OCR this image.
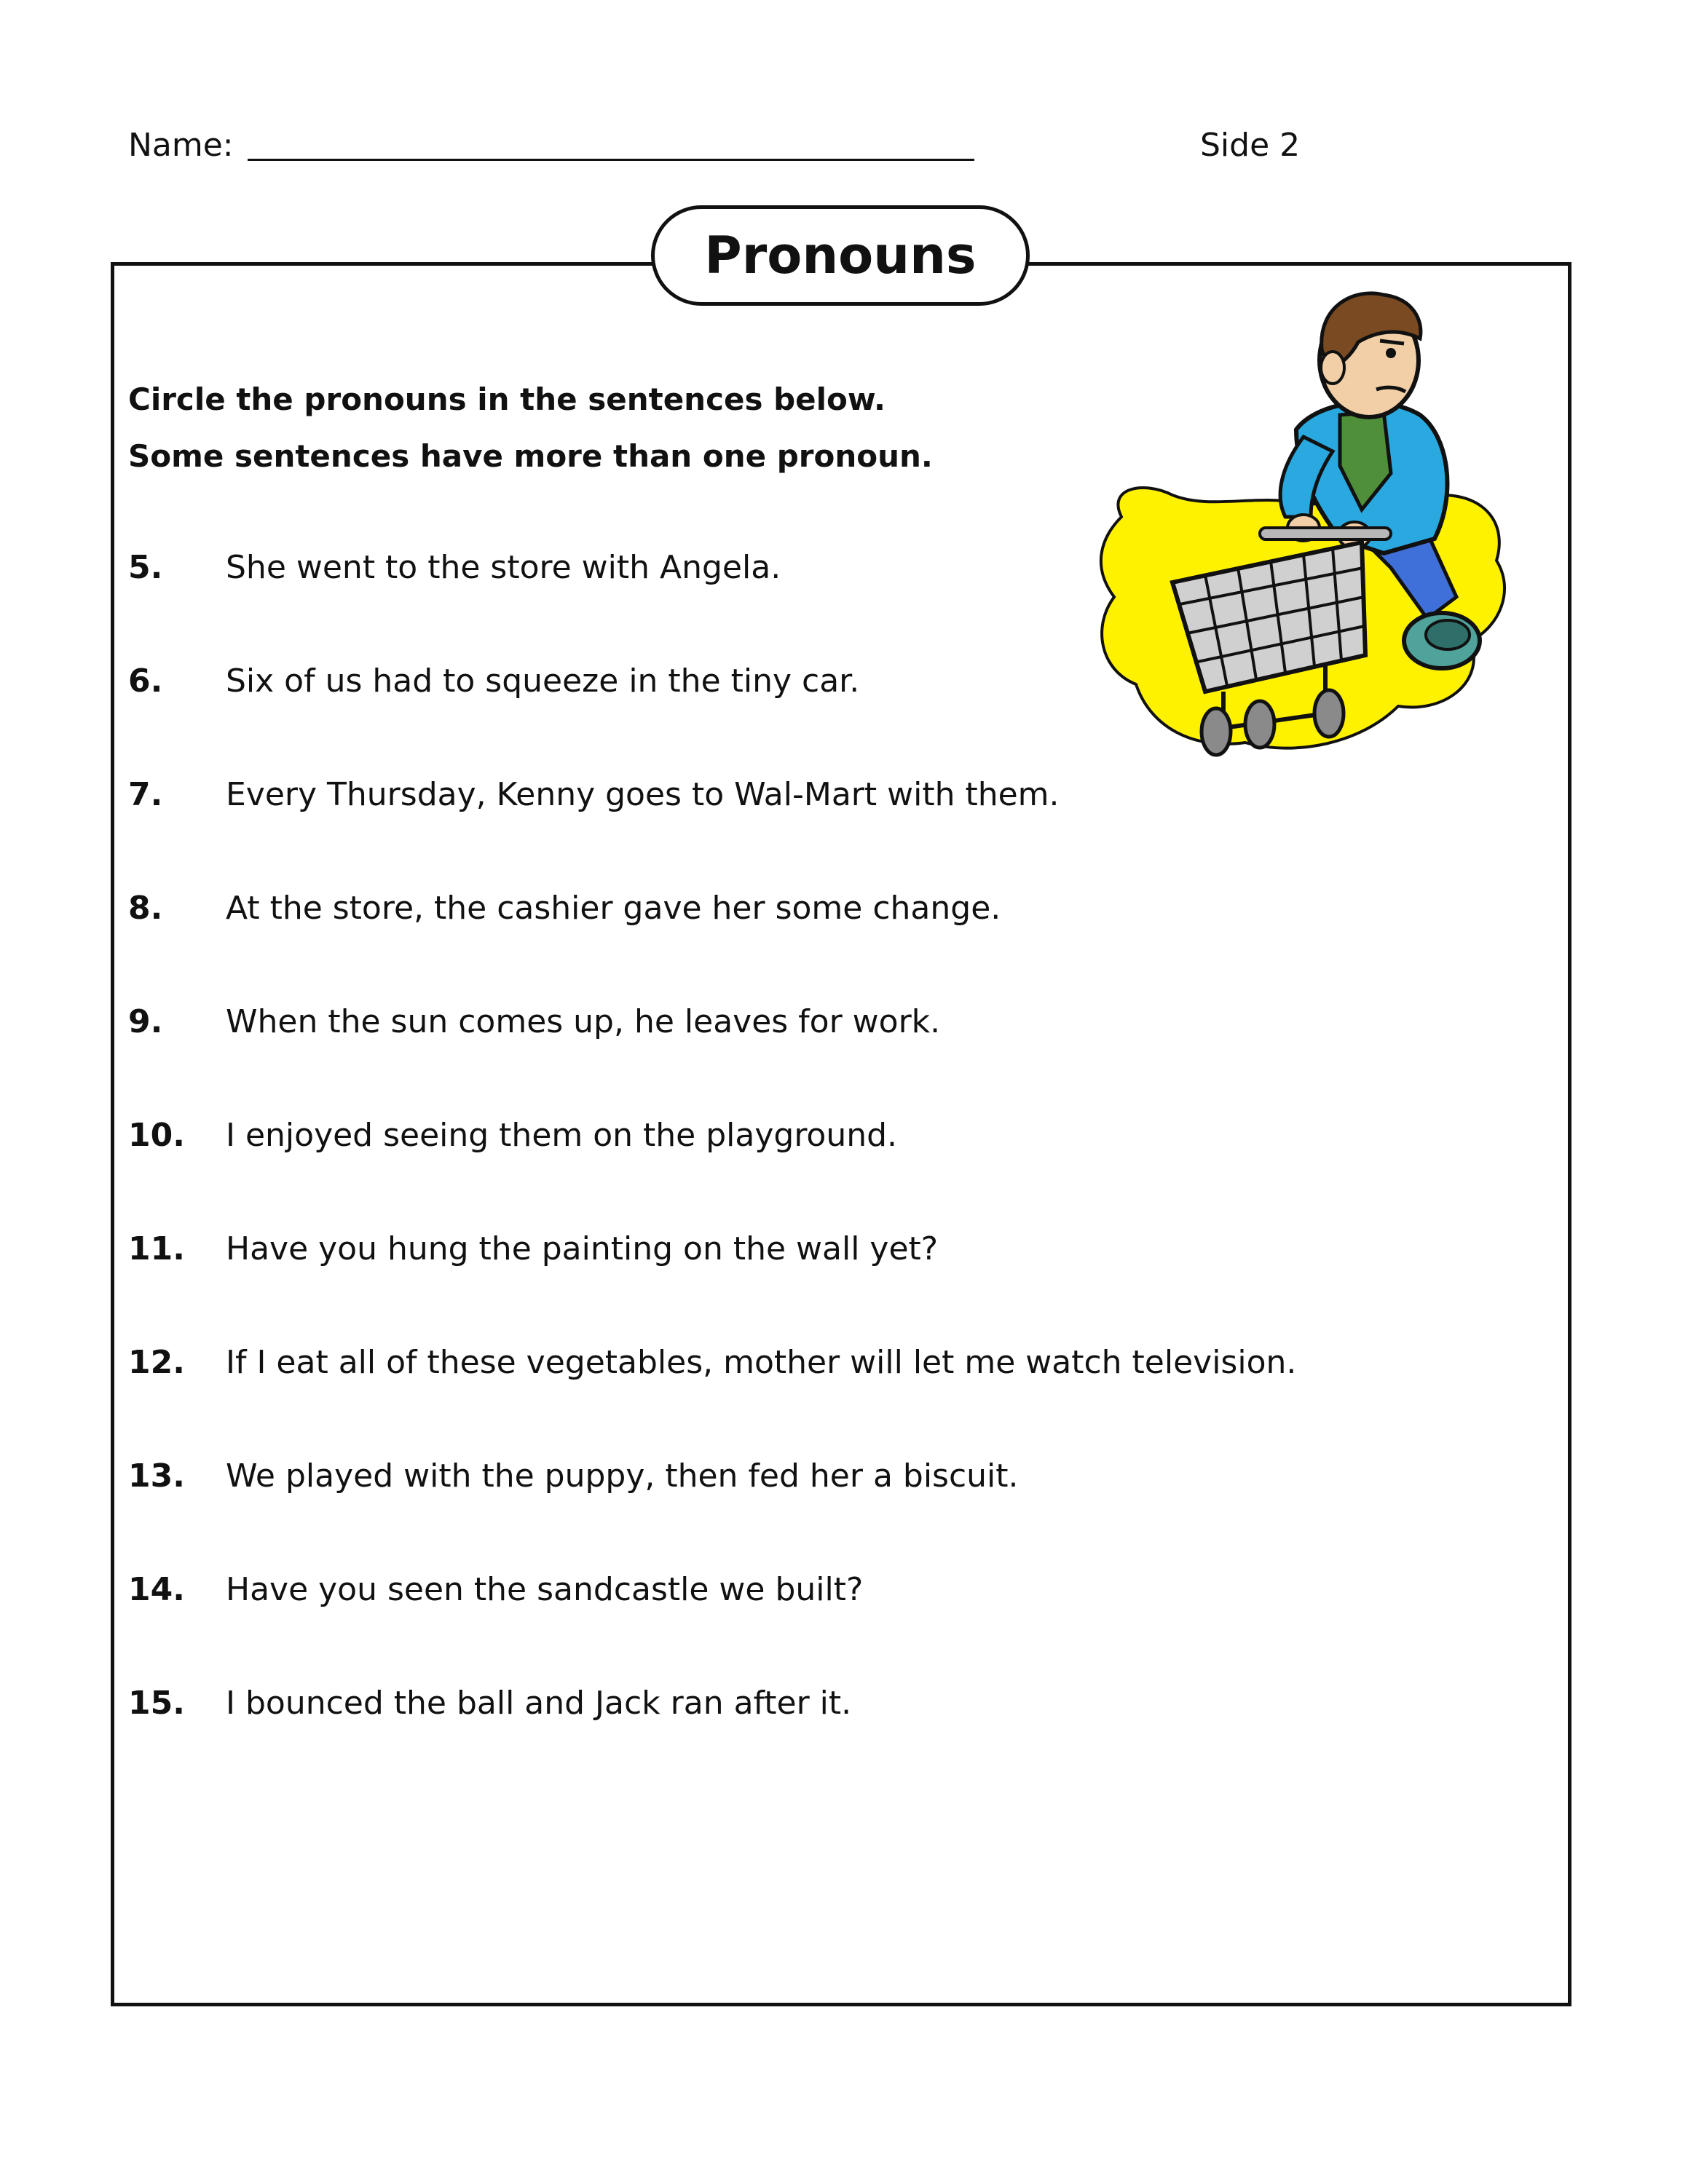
Name:	Side 2
Pronouns
Circle the pronouns in the sentences below.
Some sentences have more than one pronoun.
5. She went to the store with Angela.
6. Six of us had to squeeze in the tiny car.
7. Every Thursday, Kenny goes to Wal-Mart with them.
8. At the store, the cashier gave her some change.
9. When the sun comes up, he leaves for work.
10. I enjoyed seeing them on the playground.
11. Have you hung the painting on the wall yet?
12. If I eat all of these vegetables, mother will let me watch television.
13. We played with the puppy, then fed her a biscuit.
14. Have you seen the sandcastle we built?
15. I bounced the ball and Jack ran after it.
